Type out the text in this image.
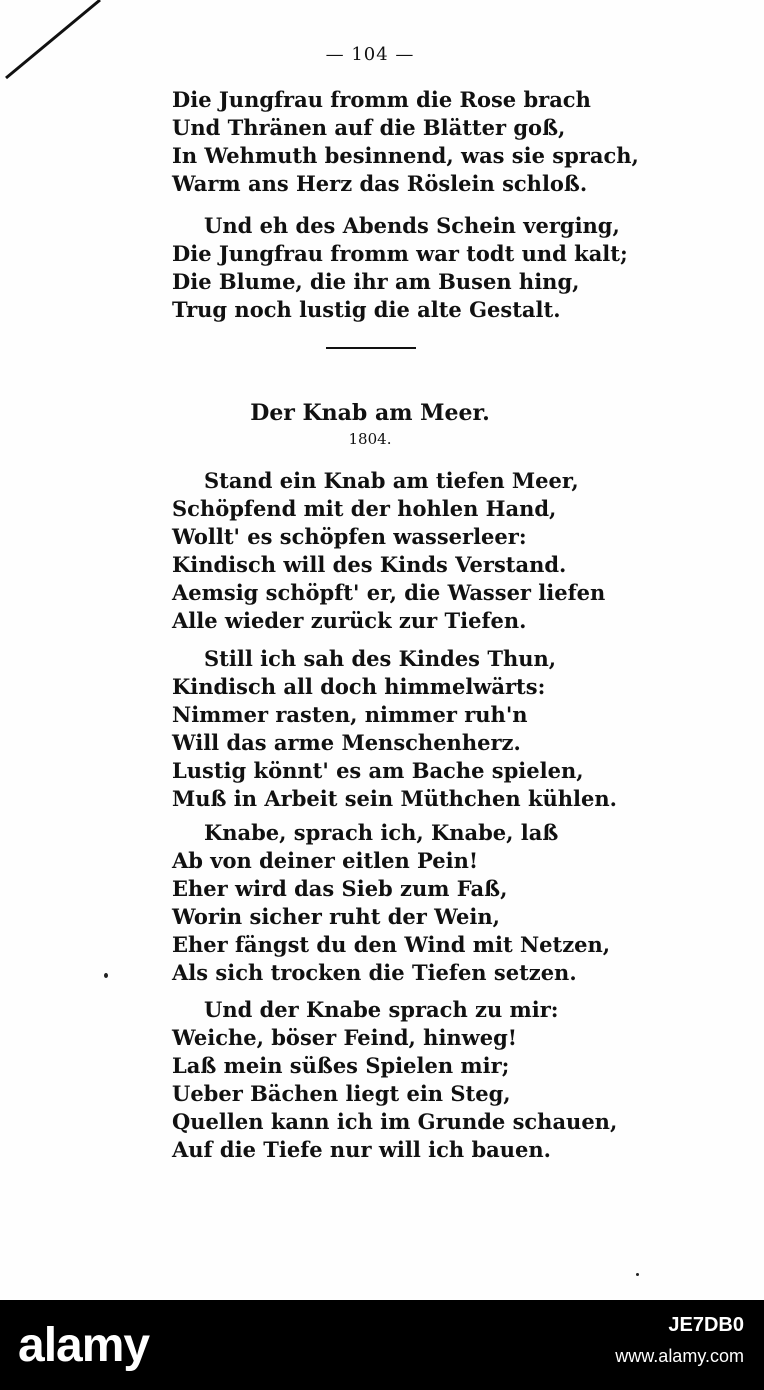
— 104 —
Die Jungfrau fromm die Rose brach
Und Thränen auf die Blätter goß,
In Wehmuth besinnend, was sie sprach,
Warm ans Herz das Röslein schloß.
Und eh des Abends Schein verging,
Die Jungfrau fromm war todt und kalt;
Die Blume, die ihr am Busen hing,
Trug noch lustig die alte Gestalt.
Der Knab am Meer.
1804.
Stand ein Knab am tiefen Meer,
Schöpfend mit der hohlen Hand,
Wollt' es schöpfen wasserleer:
Kindisch will des Kinds Verstand.
Aemsig schöpft' er, die Wasser liefen
Alle wieder zurück zur Tiefen.
Still ich sah des Kindes Thun,
Kindisch all doch himmelwärts:
Nimmer rasten, nimmer ruh'n
Will das arme Menschenherz.
Lustig könnt' es am Bache spielen,
Muß in Arbeit sein Müthchen kühlen.
Knabe, sprach ich, Knabe, laß
Ab von deiner eitlen Pein!
Eher wird das Sieb zum Faß,
Worin sicher ruht der Wein,
Eher fängst du den Wind mit Netzen,
Als sich trocken die Tiefen setzen.
Und der Knabe sprach zu mir:
Weiche, böser Feind, hinweg!
Laß mein süßes Spielen mir;
Ueber Bächen liegt ein Steg,
Quellen kann ich im Grunde schauen,
Auf die Tiefe nur will ich bauen.
alamy	JE7DB0
www.alamy.com
